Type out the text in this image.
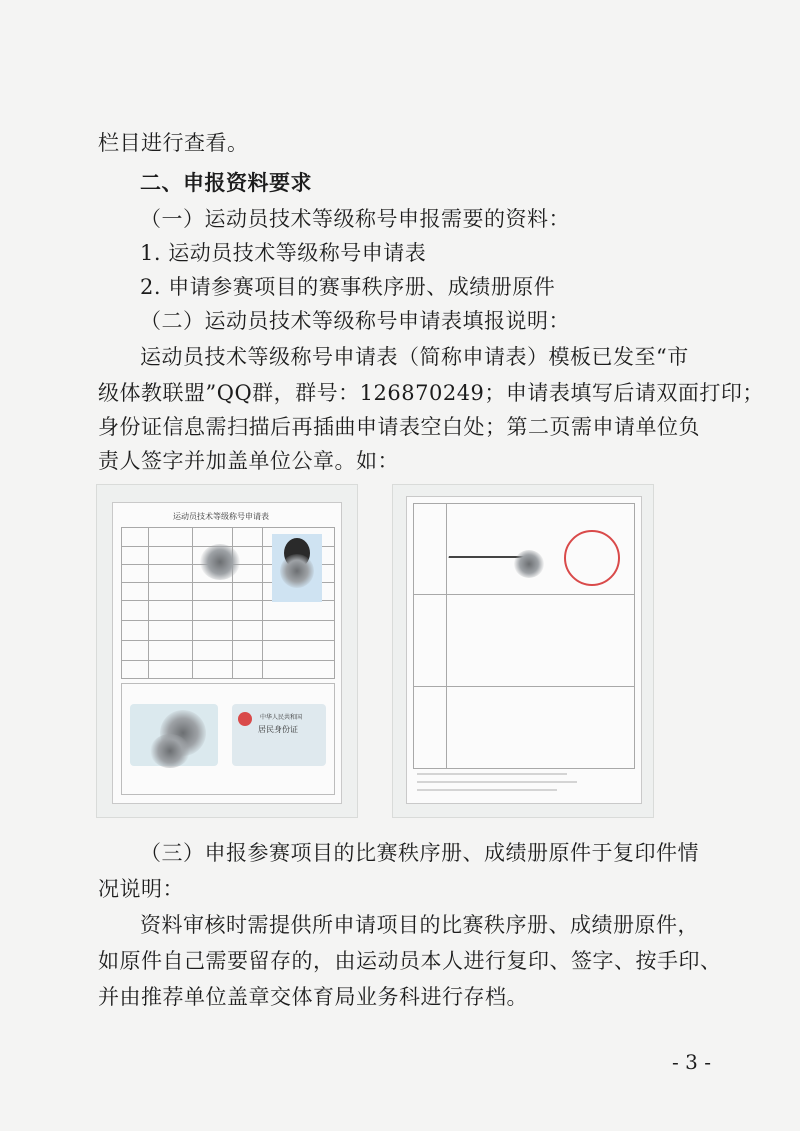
栏目进行查看。
二、申报资料要求
（一）运动员技术等级称号申报需要的资料：
1. 运动员技术等级称号申请表
2. 申请参赛项目的赛事秩序册、成绩册原件
（二）运动员技术等级称号申请表填报说明：
运动员技术等级称号申请表（简称申请表）模板已发至“市
级体教联盟”QQ群，群号：126870249；申请表填写后请双面打印；
身份证信息需扫描后再插曲申请表空白处；第二页需申请单位负
责人签字并加盖单位公章。如：
运动员技术等级称号申请表
中华人民共和国
居民身份证
（三）申报参赛项目的比赛秩序册、成绩册原件于复印件情
况说明：
资料审核时需提供所申请项目的比赛秩序册、成绩册原件，
如原件自己需要留存的，由运动员本人进行复印、签字、按手印、
并由推荐单位盖章交体育局业务科进行存档。
- 3 -
